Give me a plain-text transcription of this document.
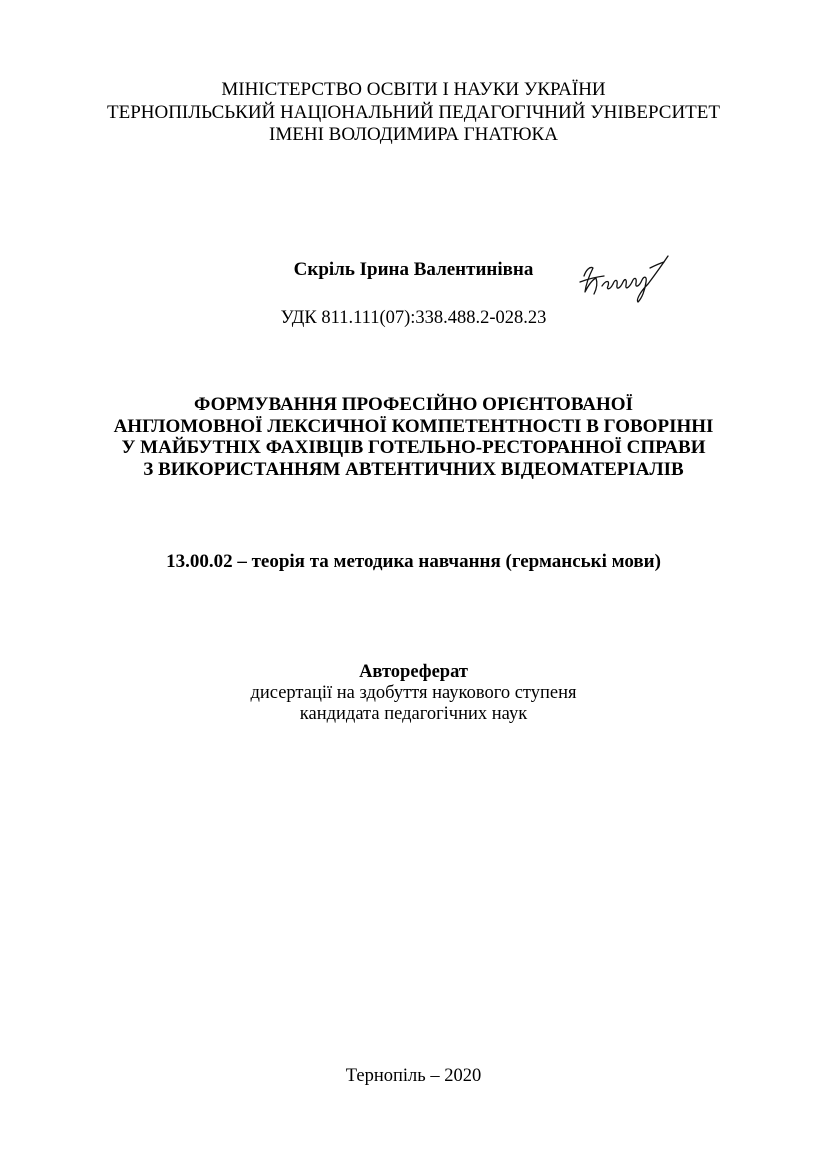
МІНІСТЕРСТВО ОСВІТИ І НАУКИ УКРАЇНИ
ТЕРНОПІЛЬСЬКИЙ НАЦІОНАЛЬНИЙ ПЕДАГОГІЧНИЙ УНІВЕРСИТЕТ
ІМЕНІ ВОЛОДИМИРА ГНАТЮКА
Скріль Ірина Валентинівна
УДК 811.111(07):338.488.2-028.23
ФОРМУВАННЯ ПРОФЕСІЙНО ОРІЄНТОВАНОЇ
АНГЛОМОВНОЇ ЛЕКСИЧНОЇ КОМПЕТЕНТНОСТІ В ГОВОРІННІ
У МАЙБУТНІХ ФАХІВЦІВ ГОТЕЛЬНО-РЕСТОРАННОЇ СПРАВИ
З ВИКОРИСТАННЯМ АВТЕНТИЧНИХ ВІДЕОМАТЕРІАЛІВ
13.00.02 – теорія та методика навчання (германські мови)
Автореферат
дисертації на здобуття наукового ступеня
кандидата педагогічних наук
Тернопіль – 2020
